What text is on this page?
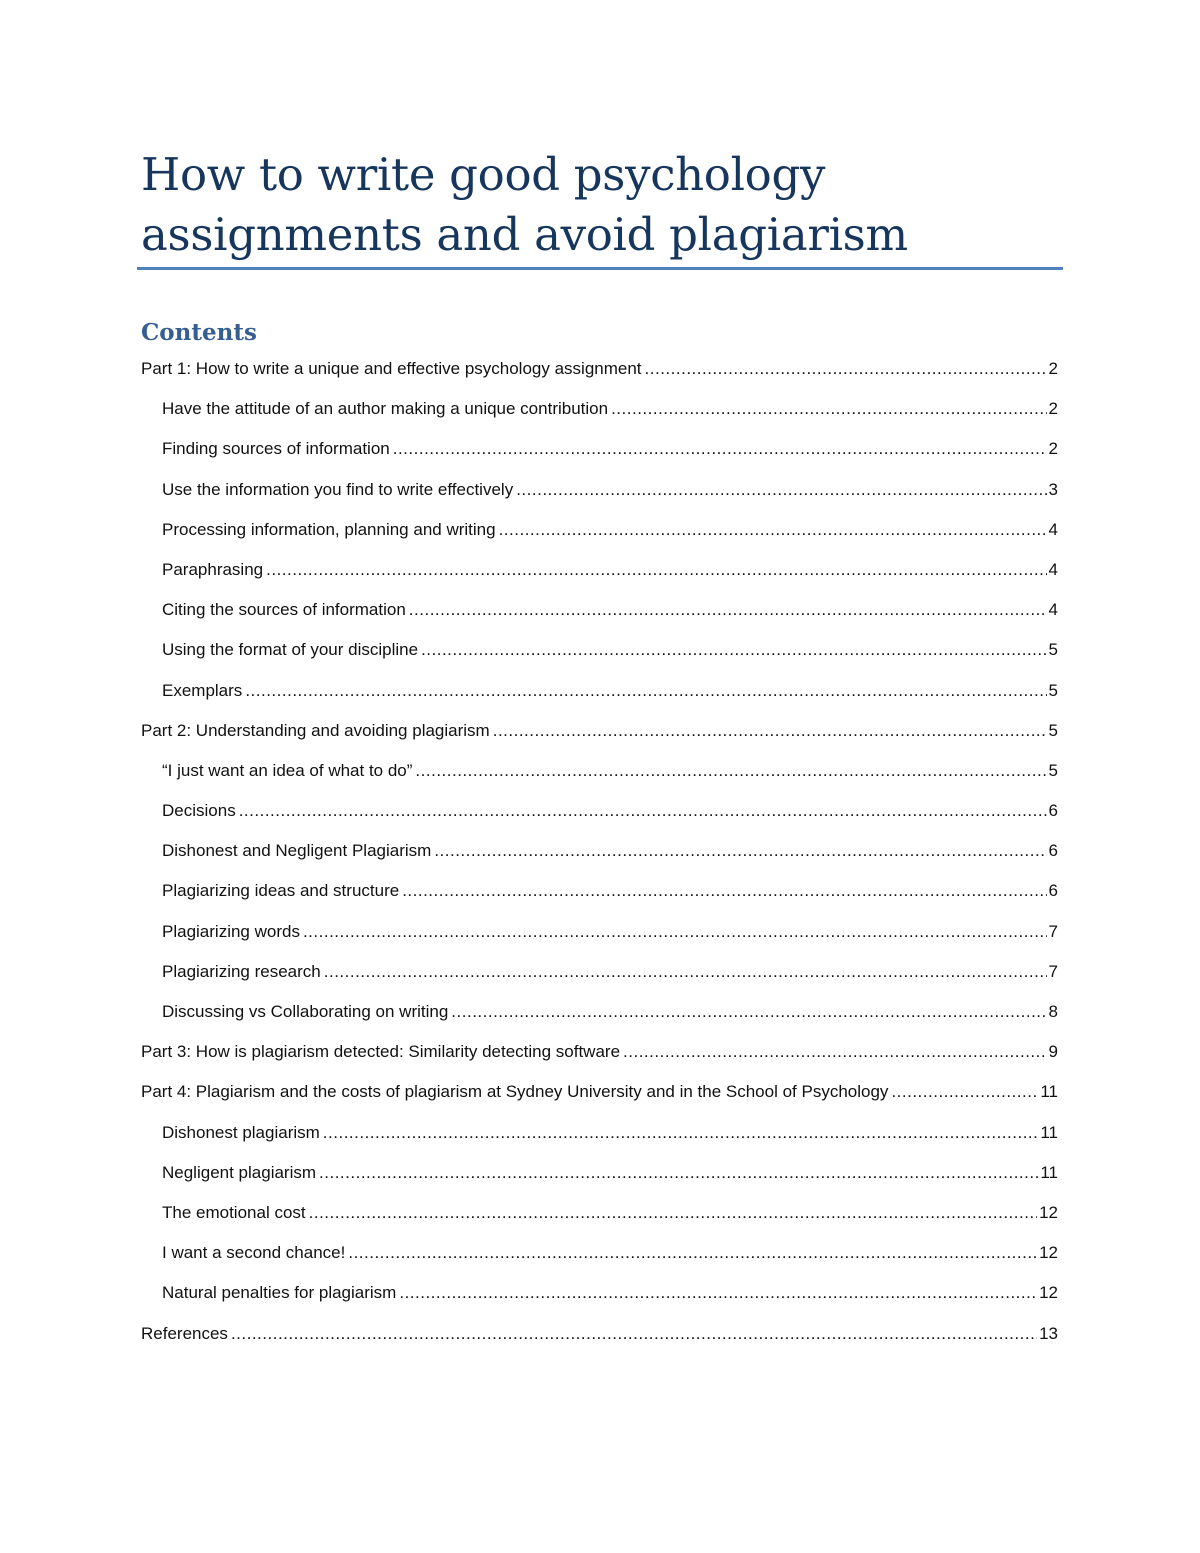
How to write good psychology
assignments and avoid plagiarism
Contents
Part 1: How to write a unique and effective psychology assignment .....	2
Have the attitude of an author making a unique contribution .....	2
Finding sources of information .....	2
Use the information you find to write effectively .....	3
Processing information, planning and writing .....	4
Paraphrasing .....	4
Citing the sources of information .....	4
Using the format of your discipline .....	5
Exemplars .....	5
Part 2: Understanding and avoiding plagiarism .....	5
“I just want an idea of what to do” .....	5
Decisions .....	6
Dishonest and Negligent Plagiarism .....	6
Plagiarizing ideas and structure .....	6
Plagiarizing words .....	7
Plagiarizing research .....	7
Discussing vs Collaborating on writing .....	8
Part 3: How is plagiarism detected: Similarity detecting software .....	9
Part 4: Plagiarism and the costs of plagiarism at Sydney University and in the School of Psychology .....	11
Dishonest plagiarism .....	11
Negligent plagiarism .....	11
The emotional cost .....	12
I want a second chance! .....	12
Natural penalties for plagiarism .....	12
References .....	13
